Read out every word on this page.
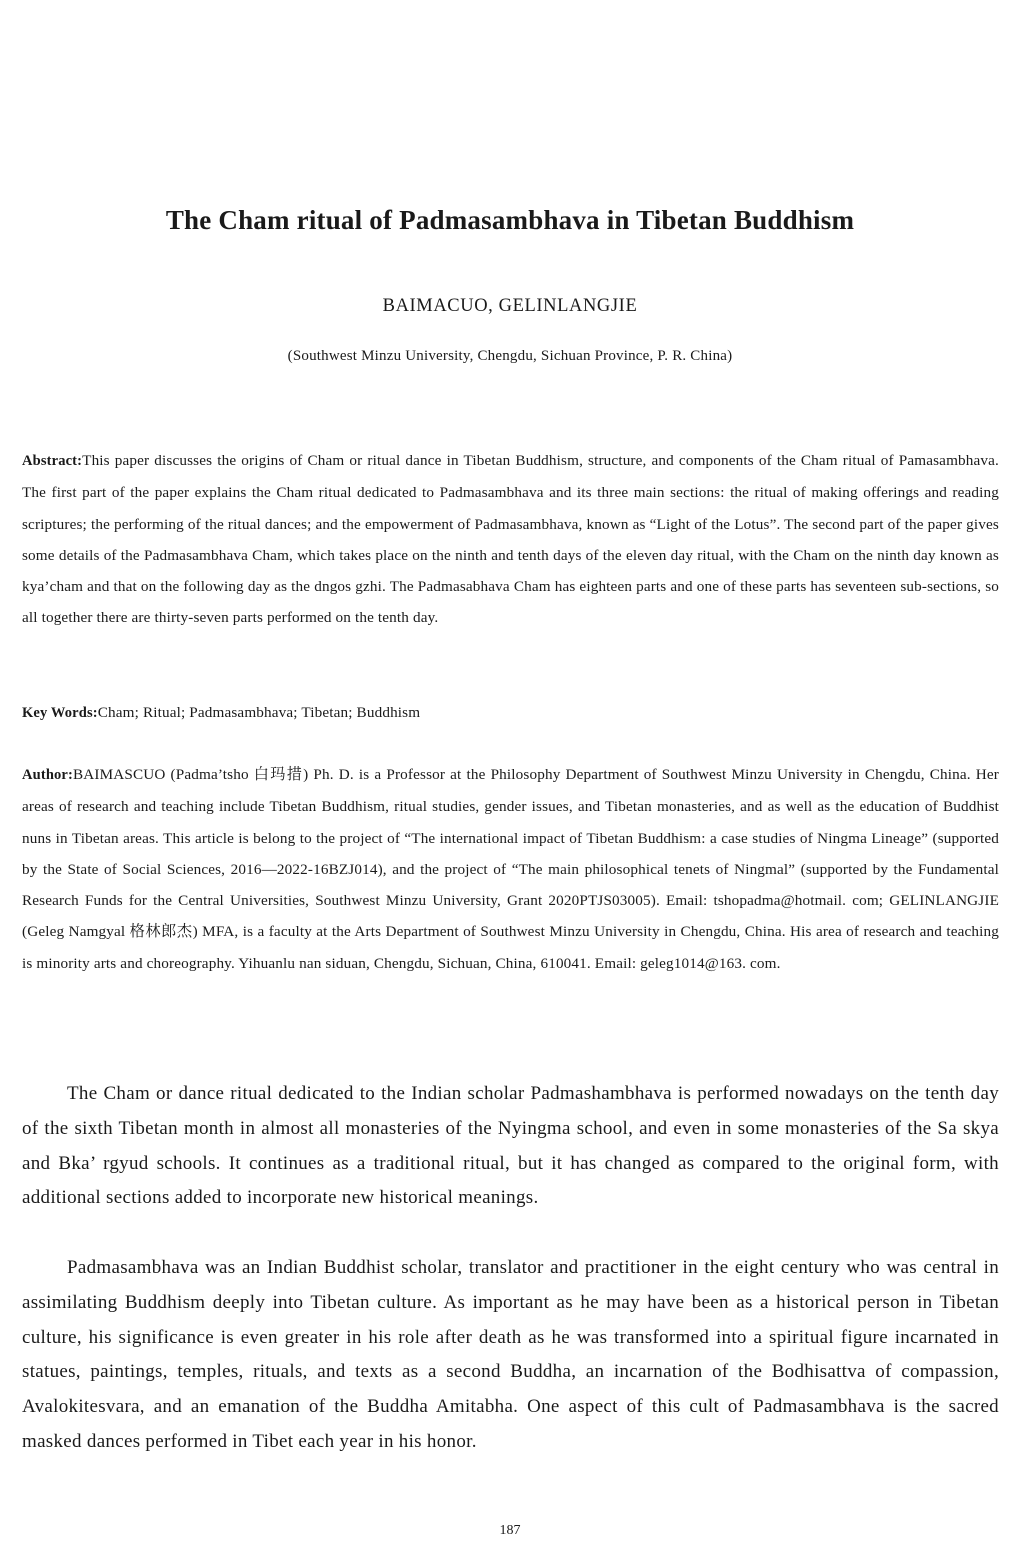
The Cham ritual of Padmasambhava in Tibetan Buddhism

BAIMACUO, GELINLANGJIE

(Southwest Minzu University, Chengdu, Sichuan Province, P. R. China)

Abstract:This paper discusses the origins of Cham or ritual dance in Tibetan Buddhism, structure, and components of the Cham ritual of Pamasambhava. The first part of the paper explains the Cham ritual dedicated to Padmasambhava and its three main sections: the ritual of making offerings and reading scriptures; the performing of the ritual dances; and the empowerment of Padmasambhava, known as “Light of the Lotus”. The second part of the paper gives some details of the Padmasambhava Cham, which takes place on the ninth and tenth days of the eleven day ritual, with the Cham on the ninth day known as kya’cham and that on the following day as the dngos gzhi. The Padmasabhava Cham has eighteen parts and one of these parts has seventeen sub-sections, so all together there are thirty-seven parts performed on the tenth day.

Key Words:Cham; Ritual; Padmasambhava; Tibetan; Buddhism

Author:BAIMASCUO (Padma’tsho 白玛措) Ph. D. is a Professor at the Philosophy Department of Southwest Minzu University in Chengdu, China. Her areas of research and teaching include Tibetan Buddhism, ritual studies, gender issues, and Tibetan monasteries, and as well as the education of Buddhist nuns in Tibetan areas. This article is belong to the project of “The international impact of Tibetan Buddhism: a case studies of Ningma Lineage” (supported by the State of Social Sciences, 2016—2022-16BZJ014), and the project of “The main philosophical tenets of Ningmal” (supported by the Fundamental Research Funds for the Central Universities, Southwest Minzu University, Grant 2020PTJS03005). Email: tshopadma@hotmail. com; GELINLANGJIE (Geleg Namgyal 格林郎杰) MFA, is a faculty at the Arts Department of Southwest Minzu University in Chengdu, China. His area of research and teaching is minority arts and choreography. Yihuanlu nan siduan, Chengdu, Sichuan, China, 610041. Email: geleg1014@163. com.

The Cham or dance ritual dedicated to the Indian scholar Padmashambhava is performed nowadays on the tenth day of the sixth Tibetan month in almost all monasteries of the Nyingma school, and even in some monasteries of the Sa skya and Bka’ rgyud schools. It continues as a traditional ritual, but it has changed as compared to the original form, with additional sections added to incorporate new historical meanings.

Padmasambhava was an Indian Buddhist scholar, translator and practitioner in the eight century who was central in assimilating Buddhism deeply into Tibetan culture. As important as he may have been as a historical person in Tibetan culture, his significance is even greater in his role after death as he was transformed into a spiritual figure incarnated in statues, paintings, temples, rituals, and texts as a second Buddha, an incarnation of the Bodhisattva of compassion, Avalokitesvara, and an emanation of the Buddha Amitabha. One aspect of this cult of Padmasambhava is the sacred masked dances performed in Tibet each year in his honor.

187
